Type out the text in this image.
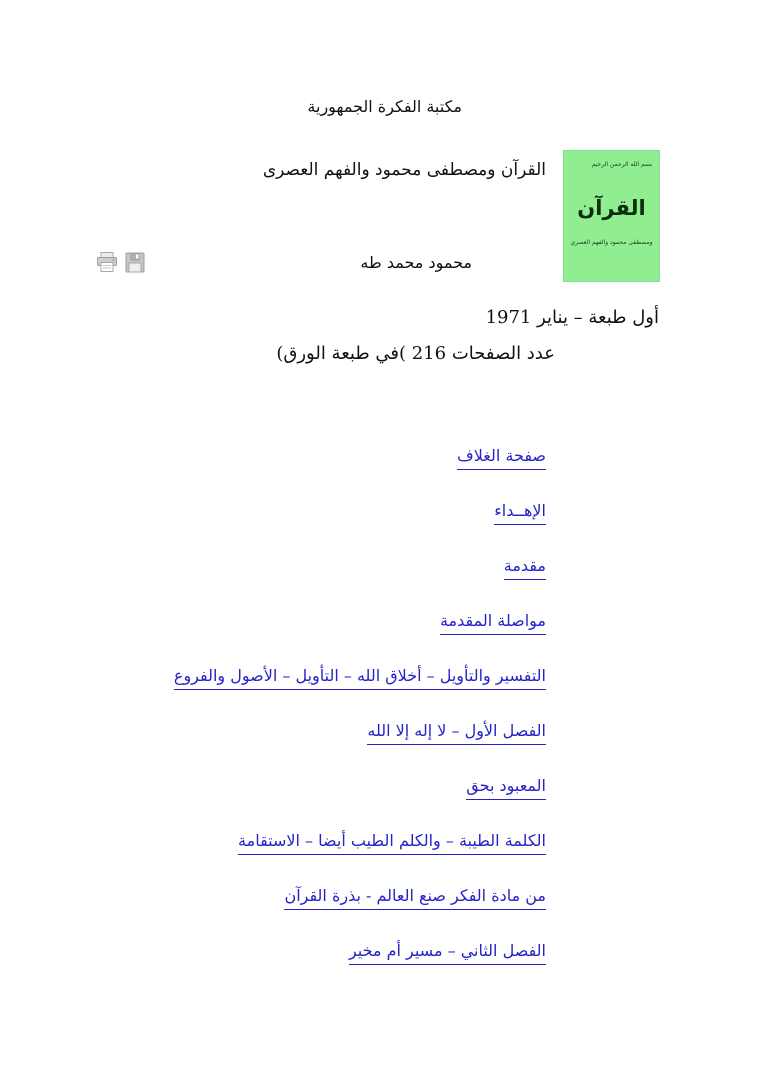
مكتبة الفكرة الجمهورية
القرآن ومصطفى محمود والفهم العصرى
محمود محمد طه
أول طبعة – يناير 1971
عدد الصفحات 216 )في طبعة الورق)
بسم الله الرحمن الرحيم
القرآن
ومصطفى محمود والفهم العصري
صفحة الغلاف
الإهــداء
مقدمة
مواصلة المقدمة
التفسير والتأويل – أخلاق الله – التأويل – الأصول والفروع
الفصل الأول – لا إله إلا الله
المعبود بحق
الكلمة الطيبة – والكلم الطيب أيضا – الاستقامة
من مادة الفكر صنع العالم - بذرة القرآن
الفصل الثاني – مسير أم مخير
